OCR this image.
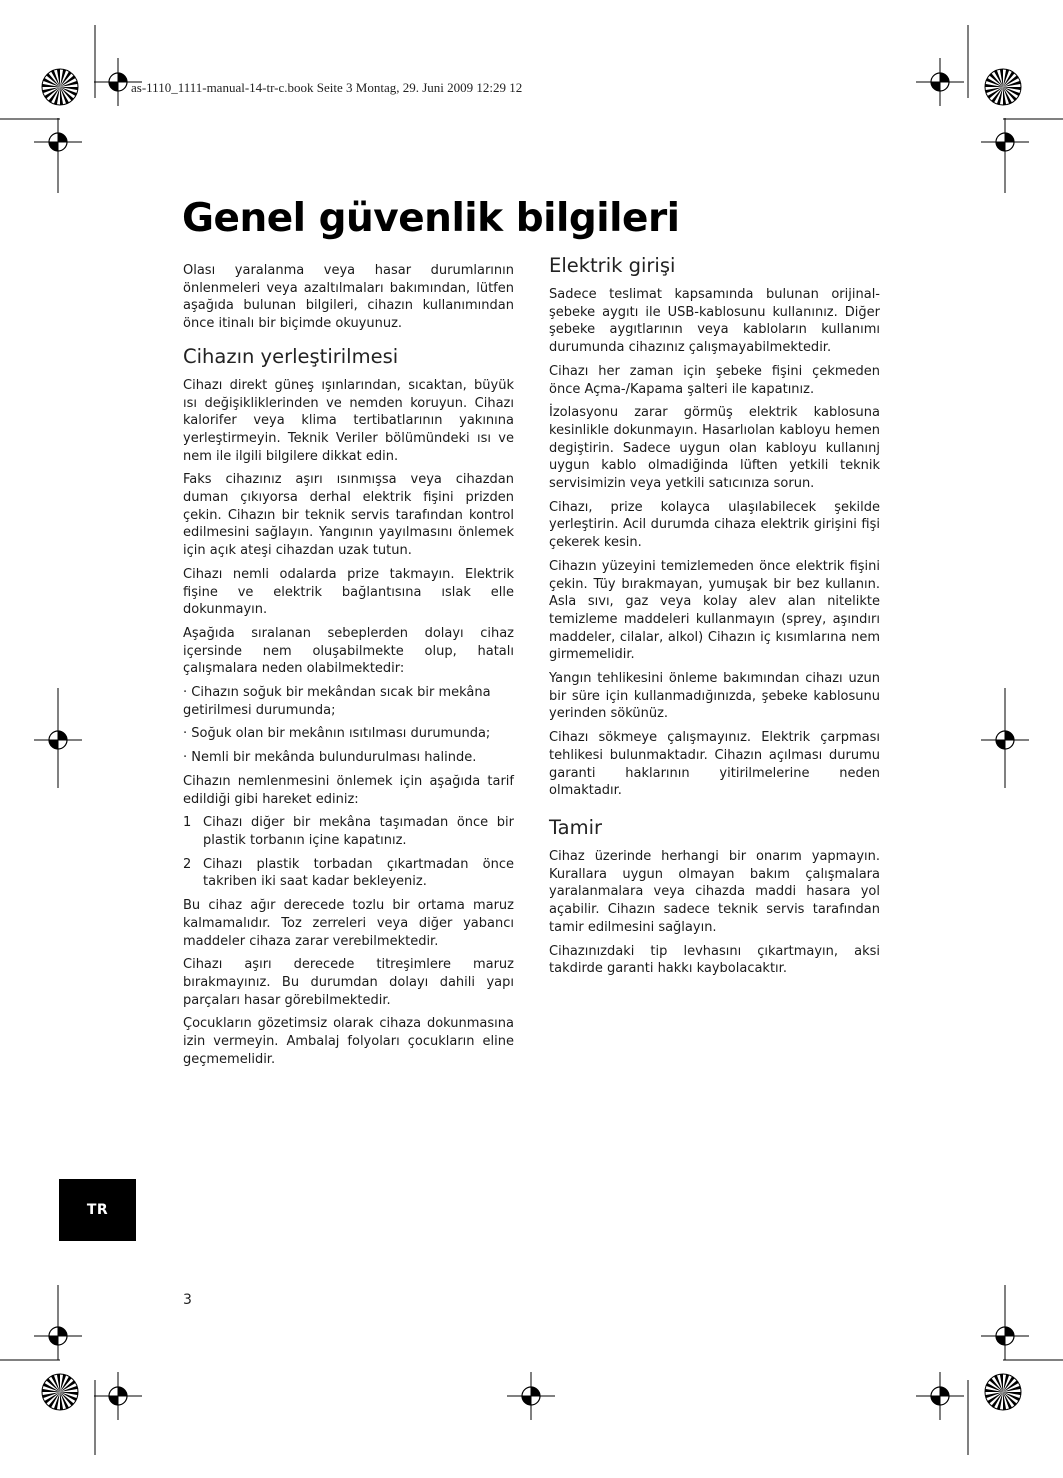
as-1110_1111-manual-14-tr-c.book Seite 3 Montag, 29. Juni 2009 12:29 12
Genel güvenlik bilgileri

Olası yaralanma veya hasar durumlarının önlenmeleri veya azaltılmaları bakımından, lütfen aşağıda bulunan bilgileri, cihazın kullanımından önce itinalı bir biçimde okuyunuz.

Cihazın yerleştirilmesi

Cihazı direkt güneş ışınlarından, sıcaktan, büyük ısı değişikliklerinden ve nemden koruyun. Cihazı kalorifer veya klima tertibatlarının yakınına yerleştirmeyin. Teknik Veriler bölümündeki ısı ve nem ile ilgili bilgilere dikkat edin.

Faks cihazınız aşırı ısınmışsa veya cihazdan duman çıkıyorsa derhal elektrik fişini prizden çekin. Cihazın bir teknik servis tarafından kontrol edilmesini sağlayın. Yangının yayılmasını önlemek için açık ateşi cihazdan uzak tutun.

Cihazı nemli odalarda prize takmayın. Elektrik fişine ve elektrik bağlantısına ıslak elle dokunmayın.

Aşağıda sıralanan sebeplerden dolayı cihaz içersinde nem oluşabilmekte olup, hatalı çalışmalara neden olabilmektedir:

· Cihazın soğuk bir mekândan sıcak bir mekâna getirilmesi durumunda;

· Soğuk olan bir mekânın ısıtılması durumunda;

· Nemli bir mekânda bulundurulması halinde.

Cihazın nemlenmesini önlemek için aşağıda tarif edildiği gibi hareket ediniz:

1 Cihazı diğer bir mekâna taşımadan önce bir plastik torbanın içine kapatınız.
2 Cihazı plastik torbadan çıkartmadan önce takriben iki saat kadar bekleyeniz.

Bu cihaz ağır derecede tozlu bir ortama maruz kalmamalıdır. Toz zerreleri veya diğer yabancı maddeler cihaza zarar verebilmektedir.

Cihazı aşırı derecede titreşimlere maruz bırakmayınız. Bu durumdan dolayı dahili yapı parçaları hasar görebilmektedir.

Çocukların gözetimsiz olarak cihaza dokunmasına izin vermeyin. Ambalaj folyoları çocukların eline geçmemelidir.

Elektrik girişi

Sadece teslimat kapsamında bulunan orijinal-şebeke aygıtı ile USB-kablosunu kullanınız. Diğer şebeke aygıtlarının veya kabloların kullanımı durumunda cihazınız çalışmayabilmektedir.

Cihazı her zaman için şebeke fişini çekmeden önce Açma-/Kapama şalteri ile kapatınız.

İzolasyonu zarar görmüş elektrik kablosuna kesinlikle dokunmayın. Hasarlıolan kabloyu hemen degiştirin. Sadece uygun olan kabloyu kullanınj uygun kablo olmadiğinda lüften yetkili teknik servisimizin veya yetkili satıcınıza sorun.

Cihazı, prize kolayca ulaşılabilecek şekilde yerleştirin. Acil durumda cihaza elektrik girişini fişi çekerek kesin.

Cihazın yüzeyini temizlemeden önce elektrik fişini çekin. Tüy bırakmayan, yumuşak bir bez kullanın. Asla sıvı, gaz veya kolay alev alan nitelikte temizleme maddeleri kullanmayın (sprey, aşındırı maddeler, cilalar, alkol) Cihazın iç kısımlarına nem girmemelidir.

Yangın tehlikesini önleme bakımından cihazı uzun bir süre için kullanmadığınızda, şebeke kablosunu yerinden sökünüz.

Cihazı sökmeye çalışmayınız. Elektrik çarpması tehlikesi bulunmaktadır. Cihazın açılması durumu garanti haklarının yitirilmelerine neden olmaktadır.

Tamir

Cihaz üzerinde herhangi bir onarım yapmayın. Kurallara uygun olmayan bakım çalışmalara yaralanmalara veya cihazda maddi hasara yol açabilir. Cihazın sadece teknik servis tarafından tamir edilmesini sağlayın.

Cihazınızdaki tip levhasını çıkartmayın, aksi takdirde garanti hakkı kaybolacaktır.

TR
3
